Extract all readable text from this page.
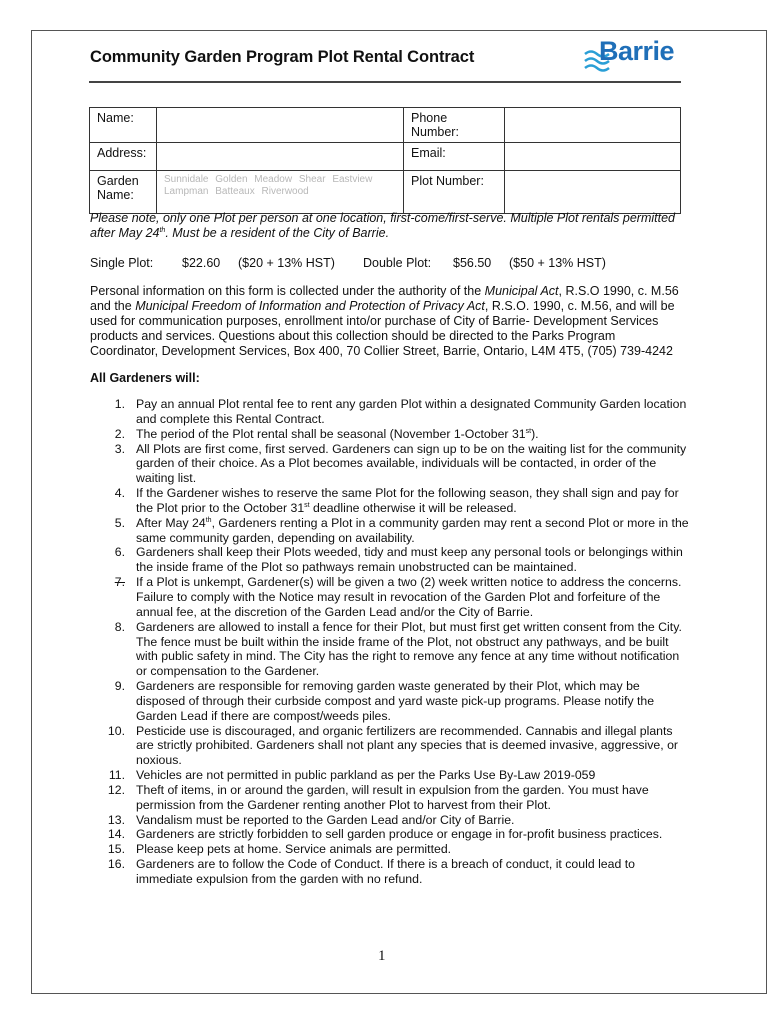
Community Garden Program Plot Rental Contract	Barrie
Name:		Phone Number:	
Address:		Email:	
Garden Name:	Sunnidale Golden Meadow Shear Eastview Lampman Batteaux Riverwood	Plot Number:	
Please note, only one Plot per person at one location, first-come/first-serve. Multiple Plot rentals permitted after May 24th. Must be a resident of the City of Barrie.
Single Plot: $22.60 ($20 + 13% HST) Double Plot: $56.50 ($50 + 13% HST)
Personal information on this form is collected under the authority of the Municipal Act, R.S.O 1990, c. M.56 and the Municipal Freedom of Information and Protection of Privacy Act, R.S.O. 1990, c. M.56, and will be used for communication purposes, enrollment into/or purchase of City of Barrie- Development Services products and services. Questions about this collection should be directed to the Parks Program Coordinator, Development Services, Box 400, 70 Collier Street, Barrie, Ontario, L4M 4T5, (705) 739-4242
All Gardeners will:
1. Pay an annual Plot rental fee to rent any garden Plot within a designated Community Garden location and complete this Rental Contract.
2. The period of the Plot rental shall be seasonal (November 1-October 31st).
3. All Plots are first come, first served. Gardeners can sign up to be on the waiting list for the community garden of their choice. As a Plot becomes available, individuals will be contacted, in order of the waiting list.
4. If the Gardener wishes to reserve the same Plot for the following season, they shall sign and pay for the Plot prior to the October 31st deadline otherwise it will be released.
5. After May 24th, Gardeners renting a Plot in a community garden may rent a second Plot or more in the same community garden, depending on availability.
6. Gardeners shall keep their Plots weeded, tidy and must keep any personal tools or belongings within the inside frame of the Plot so pathways remain unobstructed can be maintained.
7. If a Plot is unkempt, Gardener(s) will be given a two (2) week written notice to address the concerns. Failure to comply with the Notice may result in revocation of the Garden Plot and forfeiture of the annual fee, at the discretion of the Garden Lead and/or the City of Barrie.
8. Gardeners are allowed to install a fence for their Plot, but must first get written consent from the City. The fence must be built within the inside frame of the Plot, not obstruct any pathways, and be built with public safety in mind. The City has the right to remove any fence at any time without notification or compensation to the Gardener.
9. Gardeners are responsible for removing garden waste generated by their Plot, which may be disposed of through their curbside compost and yard waste pick-up programs. Please notify the Garden Lead if there are compost/weeds piles.
10. Pesticide use is discouraged, and organic fertilizers are recommended. Cannabis and illegal plants are strictly prohibited. Gardeners shall not plant any species that is deemed invasive, aggressive, or noxious.
11. Vehicles are not permitted in public parkland as per the Parks Use By-Law 2019-059
12. Theft of items, in or around the garden, will result in expulsion from the garden. You must have permission from the Gardener renting another Plot to harvest from their Plot.
13. Vandalism must be reported to the Garden Lead and/or City of Barrie.
14. Gardeners are strictly forbidden to sell garden produce or engage in for-profit business practices.
15. Please keep pets at home. Service animals are permitted.
16. Gardeners are to follow the Code of Conduct. If there is a breach of conduct, it could lead to immediate expulsion from the garden with no refund.
1
